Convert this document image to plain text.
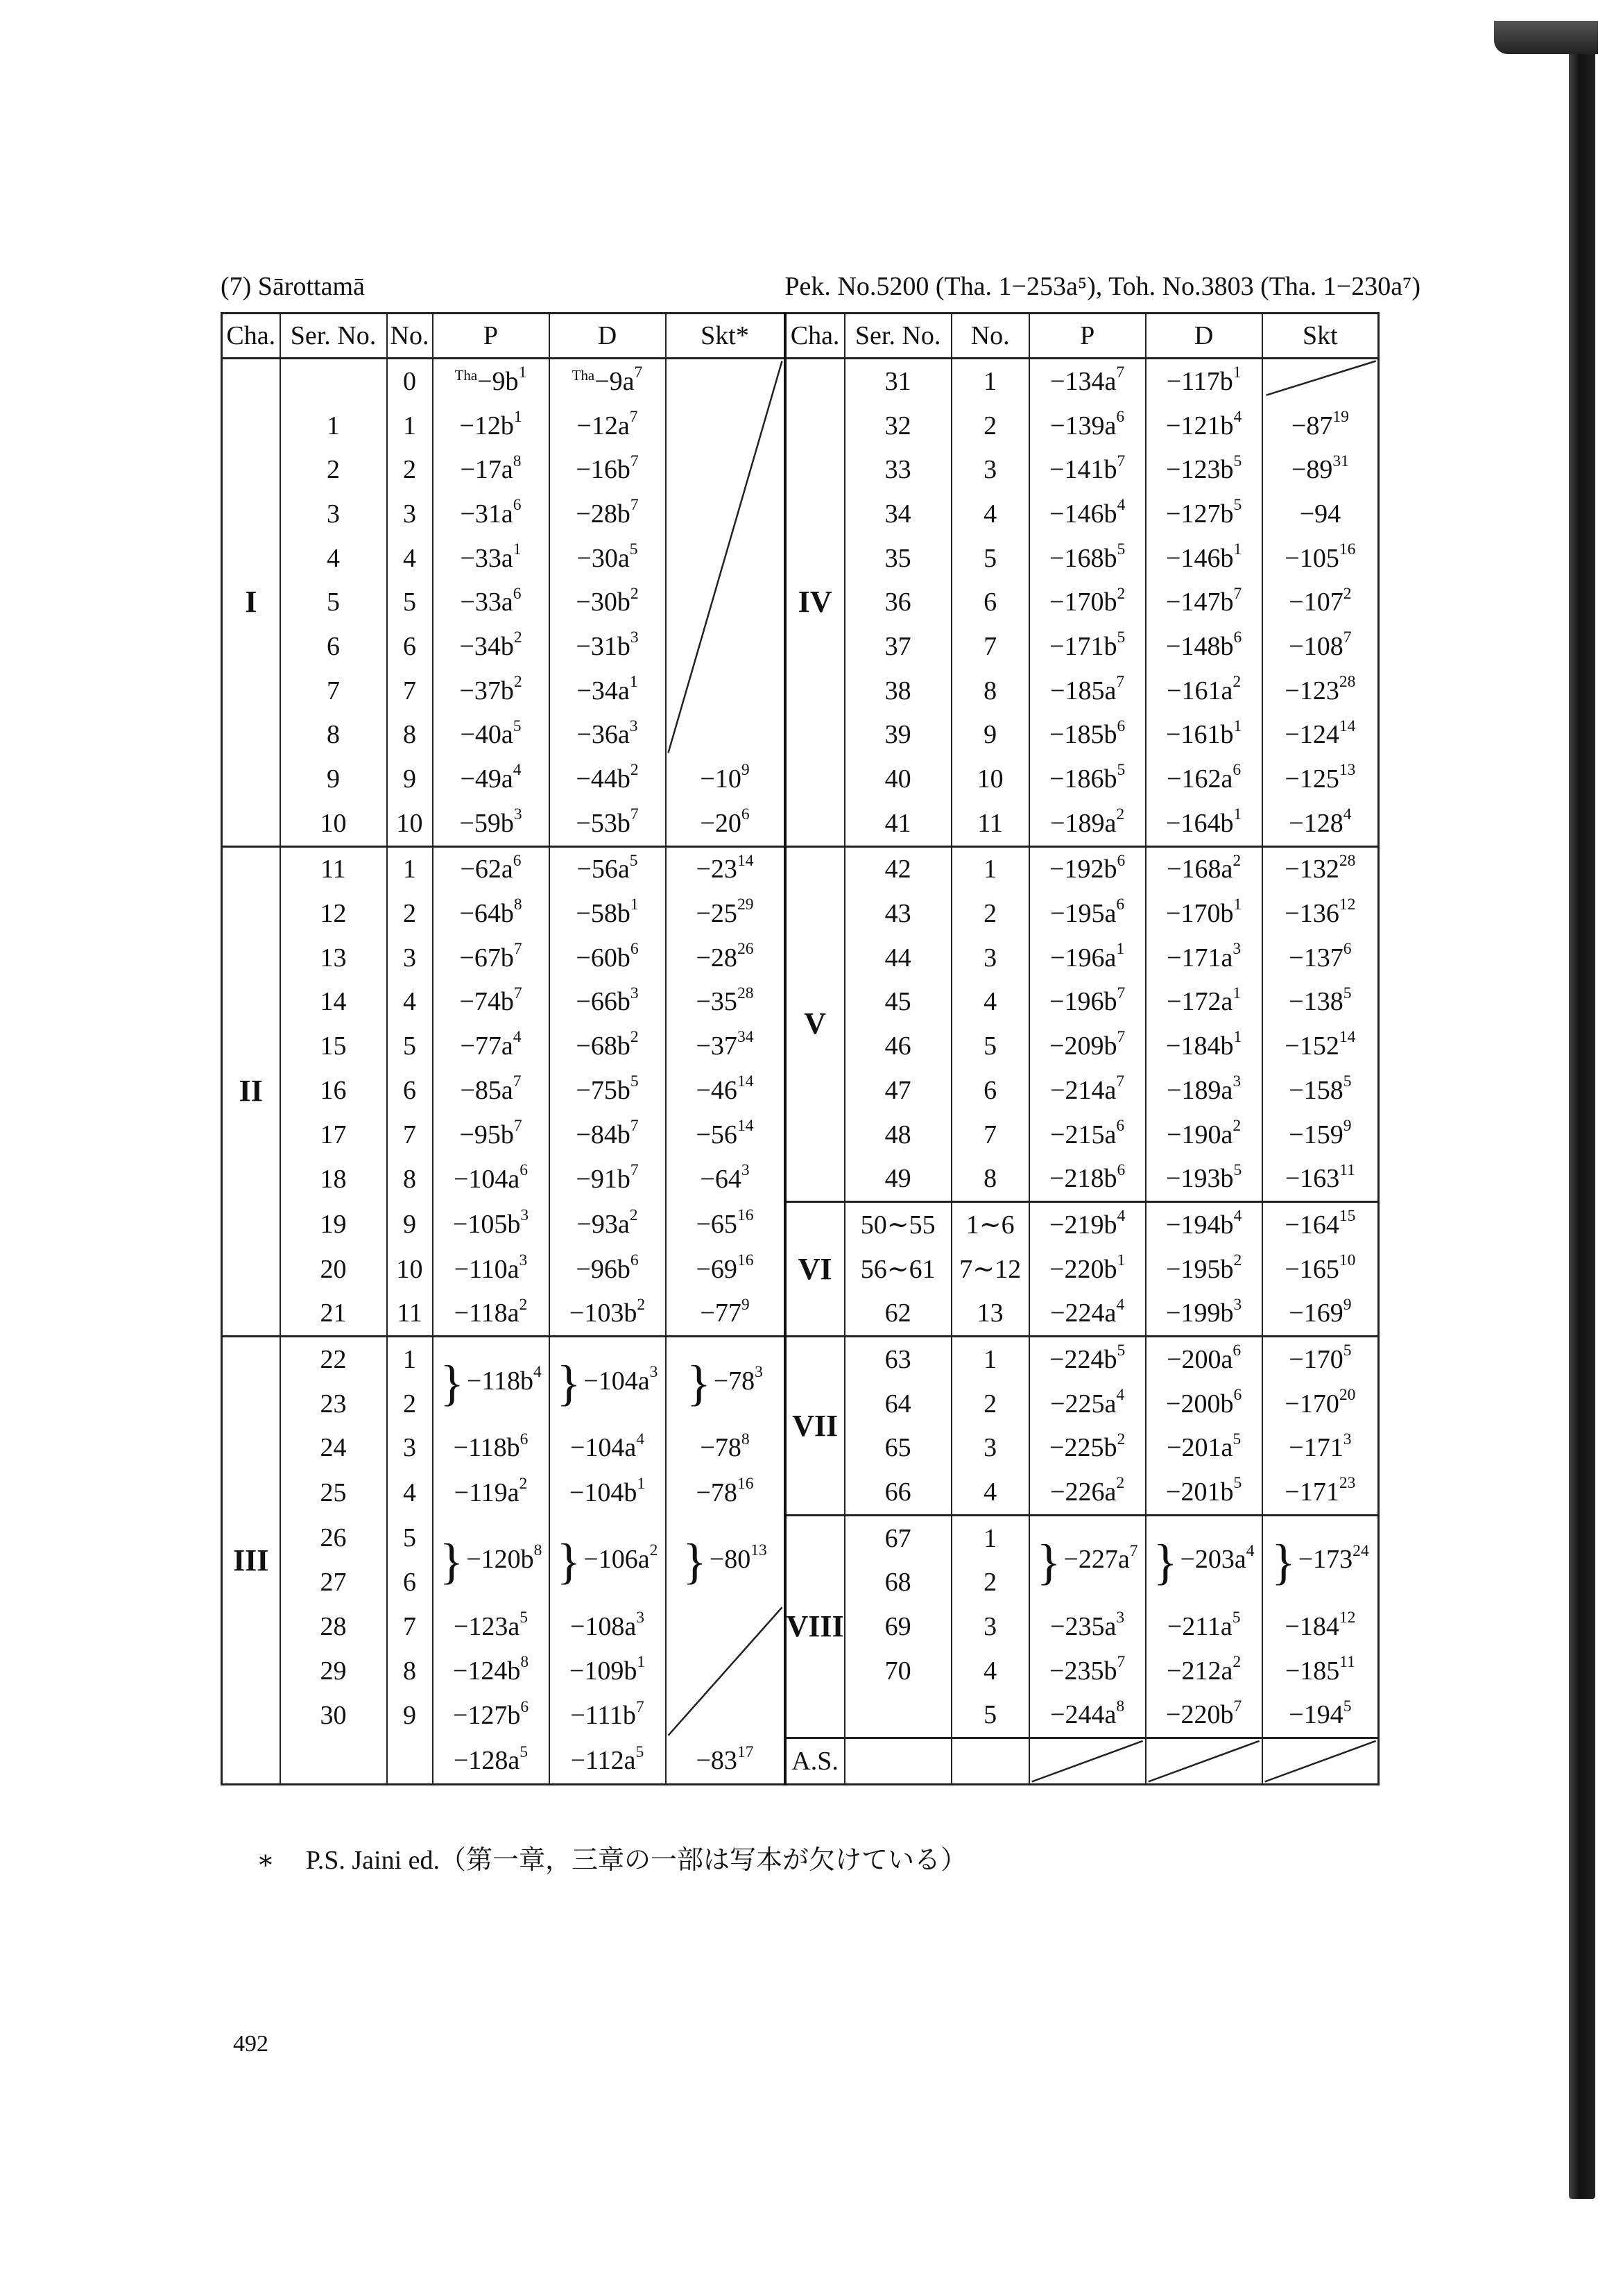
(7) Sārottamā	Pek. No.5200 (Tha. 1−253a⁵), Toh. No.3803 (Tha. 1−230a⁷)
Cha.	Ser. No.	No.	P	D	Skt*	Cha.	Ser. No.	No.	P	D	Skt
I		0	$^{Tha}-9b^1$	$^{Tha}-9a^7$		IV	31	1	$-134a^7$	$-117b^1$	
	1	1	$-12b^1$	$-12a^7$			32	2	$-139a^6$	$-121b^4$	$-87^{19}$
	2	2	$-17a^8$	$-16b^7$			33	3	$-141b^7$	$-123b^5$	$-89^{31}$
	3	3	$-31a^6$	$-28b^7$			34	4	$-146b^4$	$-127b^5$	−94
	4	4	$-33a^1$	$-30a^5$			35	5	$-168b^5$	$-146b^1$	$-105^{16}$
	5	5	$-33a^6$	$-30b^2$			36	6	$-170b^2$	$-147b^7$	$-107^2$
	6	6	$-34b^2$	$-31b^3$			37	7	$-171b^5$	$-148b^6$	$-108^7$
	7	7	$-37b^2$	$-34a^1$			38	8	$-185a^7$	$-161a^2$	$-123^{28}$
	8	8	$-40a^5$	$-36a^3$			39	9	$-185b^6$	$-161b^1$	$-124^{14}$
	9	9	$-49a^4$	$-44b^2$	$-10^9$		40	10	$-186b^5$	$-162a^6$	$-125^{13}$
	10	10	$-59b^3$	$-53b^7$	$-20^6$		41	11	$-189a^2$	$-164b^1$	$-128^4$
II	11	1	$-62a^6$	$-56a^5$	$-23^{14}$	V	42	1	$-192b^6$	$-168a^2$	$-132^{28}$
	12	2	$-64b^8$	$-58b^1$	$-25^{29}$		43	2	$-195a^6$	$-170b^1$	$-136^{12}$
	13	3	$-67b^7$	$-60b^6$	$-28^{26}$		44	3	$-196a^1$	$-171a^3$	$-137^6$
	14	4	$-74b^7$	$-66b^3$	$-35^{28}$		45	4	$-196b^7$	$-172a^1$	$-138^5$
	15	5	$-77a^4$	$-68b^2$	$-37^{34}$		46	5	$-209b^7$	$-184b^1$	$-152^{14}$
	16	6	$-85a^7$	$-75b^5$	$-46^{14}$		47	6	$-214a^7$	$-189a^3$	$-158^5$
	17	7	$-95b^7$	$-84b^7$	$-56^{14}$		48	7	$-215a^6$	$-190a^2$	$-159^9$
	18	8	$-104a^6$	$-91b^7$	$-64^3$		49	8	$-218b^6$	$-193b^5$	$-163^{11}$
	19	9	$-105b^3$	$-93a^2$	$-65^{16}$	VI	50∼55	1∼6	$-219b^4$	$-194b^4$	$-164^{15}$
	20	10	$-110a^3$	$-96b^6$	$-69^{16}$		56∼61	7∼12	$-220b^1$	$-195b^2$	$-165^{10}$
	21	11	$-118a^2$	$-103b^2$	$-77^9$		62	13	$-224a^4$	$-199b^3$	$-169^9$
III	22	1	} $-118b^4$	} $-104a^3$	} $-78^3$	VII	63	1	$-224b^5$	$-200a^6$	$-170^5$
	23	2					64	2	$-225a^4$	$-200b^6$	$-170^{20}$
	24	3	$-118b^6$	$-104a^4$	$-78^8$		65	3	$-225b^2$	$-201a^5$	$-171^3$
	25	4	$-119a^2$	$-104b^1$	$-78^{16}$		66	4	$-226a^2$	$-201b^5$	$-171^{23}$
	26	5	} $-120b^8$	} $-106a^2$	} $-80^{13}$	VIII	67	1	} $-227a^7$	} $-203a^4$	} $-173^{24}$
	27	6					68	2			
	28	7	$-123a^5$	$-108a^3$			69	3	$-235a^3$	$-211a^5$	$-184^{12}$
	29	8	$-124b^8$	$-109b^1$			70	4	$-235b^7$	$-212a^2$	$-185^{11}$
	30	9	$-127b^6$	$-111b^7$				5	$-244a^8$	$-220b^7$	$-194^5$
			$-128a^5$	$-112a^5$	$-83^{17}$	A.S.					
∗ P.S. Jaini ed.（第一章，三章の一部は写本が欠けている）
492
